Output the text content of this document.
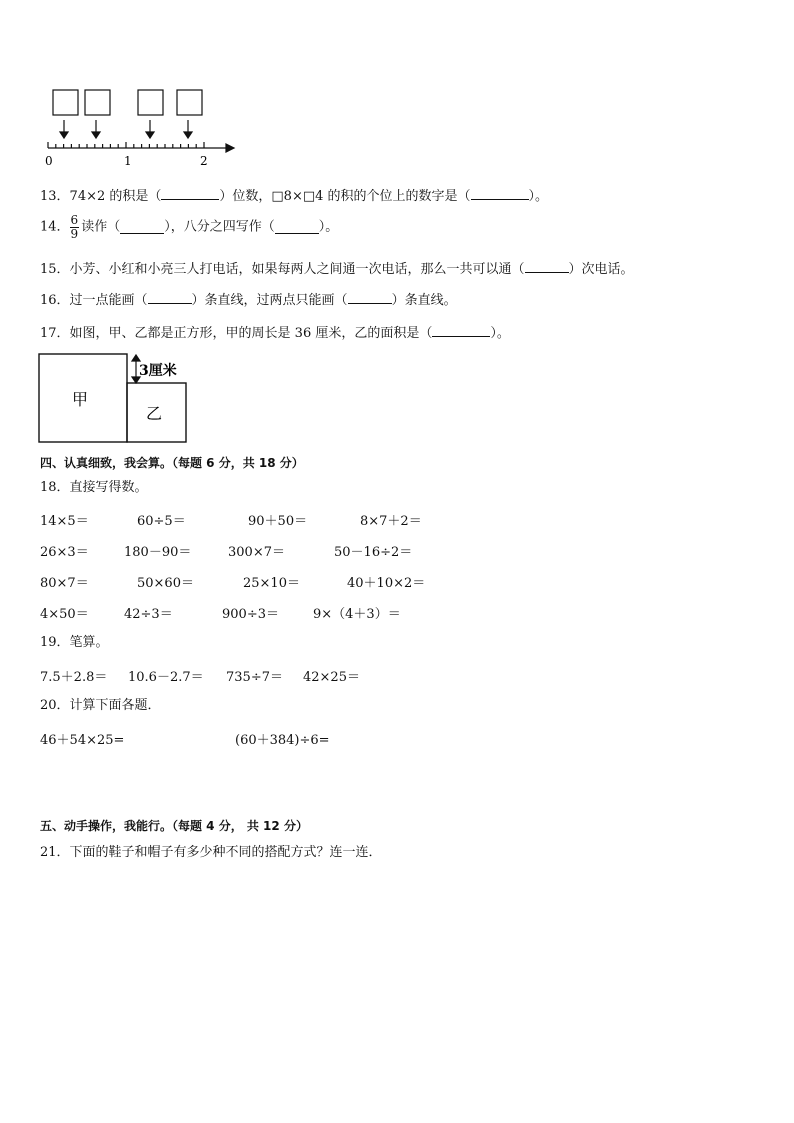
0	1	2
13．74×2 的积是（	）位数，□8×□4 的积的个位上的数字是（	）。
14． $\frac{6}{9}$ 读作（	），八分之四写作（	）。
15．小芳、小红和小亮三人打电话，如果每两人之间通一次电话，那么一共可以通（	）次电话。
16．过一点能画（	）条直线，过两点只能画（	）条直线。
17．如图，甲、乙都是正方形，甲的周长是 36 厘米，乙的面积是（	）。
甲
乙
3厘米
四、认真细致，我会算。（每题 6 分，共 18 分）
18．直接写得数。
14×5＝	60÷5＝	90＋50＝	8×7＋2＝
26×3＝	180－90＝	300×7＝	50－16÷2＝
80×7＝	50×60＝	25×10＝	40＋10×2＝
4×50＝	42÷3＝	900÷3＝	9×（4＋3）＝
19．笔算。
7.5＋2.8＝ 10.6－2.7＝ 735÷7＝ 42×25＝
20．计算下面各题．
46＋54×25=	(60＋384)÷6=
五、动手操作，我能行。（每题 4 分， 共 12 分）
21．下面的鞋子和帽子有多少种不同的搭配方式？连一连．
